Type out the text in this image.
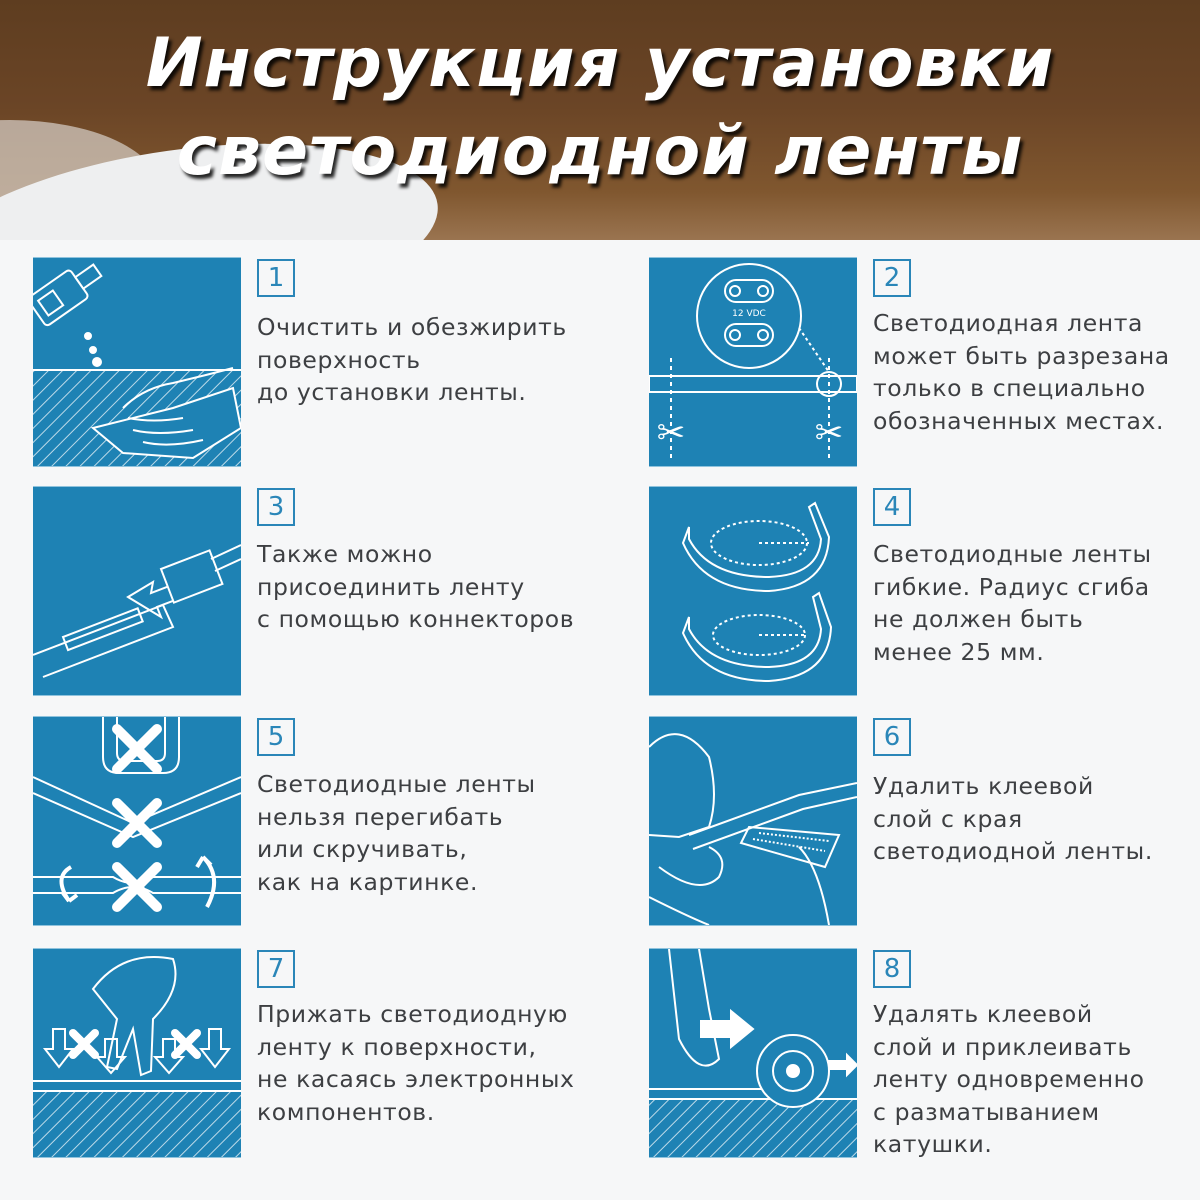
Инструкция установки
светодиодной ленты
1
Очистить и обезжирить
поверхность
до установки ленты.
12 VDC
✂	✂
2
Светодиодная лента
может быть разрезана
только в специально
обозначенных местах.
3
Также можно
присоединить ленту
с помощью коннекторов
4
Светодиодные ленты
гибкие. Радиус сгиба
не должен быть
менее 25 мм.
5
Светодиодные ленты
нельзя перегибать
или скручивать,
как на картинке.
6
Удалить клеевой
слой с края
светодиодной ленты.
7
Прижать светодиодную
ленту к поверхности,
не касаясь электронных
компонентов.
8
Удалять клеевой
слой и приклеивать
ленту одновременно
с разматыванием
катушки.
